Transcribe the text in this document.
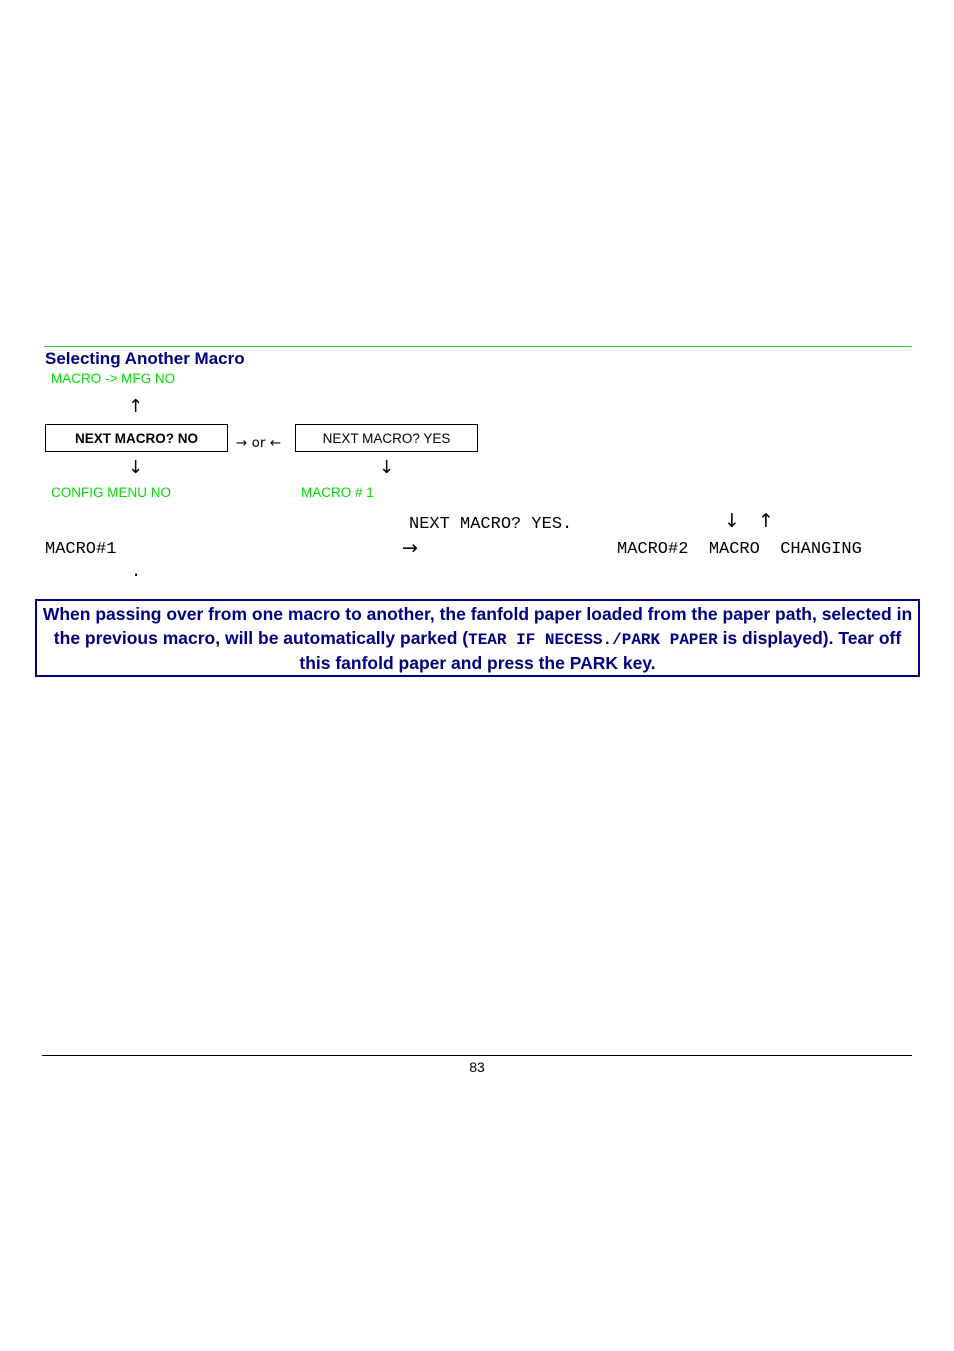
Selecting Another Macro
MACRO -> MFG NO
↑
NEXT MACRO? NO	→ or ←	NEXT MACRO? YES
↓	↓
CONFIG MENU NO	MACRO # 1
NEXT MACRO? YES.	↓   ↑
MACRO#1	→	MACRO#2  MACRO  CHANGING
.
When passing over from one macro to another, the fanfold paper loaded from the paper path, selected in the previous macro, will be automatically parked (TEAR IF NECESS./PARK PAPER is displayed). Tear off this fanfold paper and press the PARK key.
83
